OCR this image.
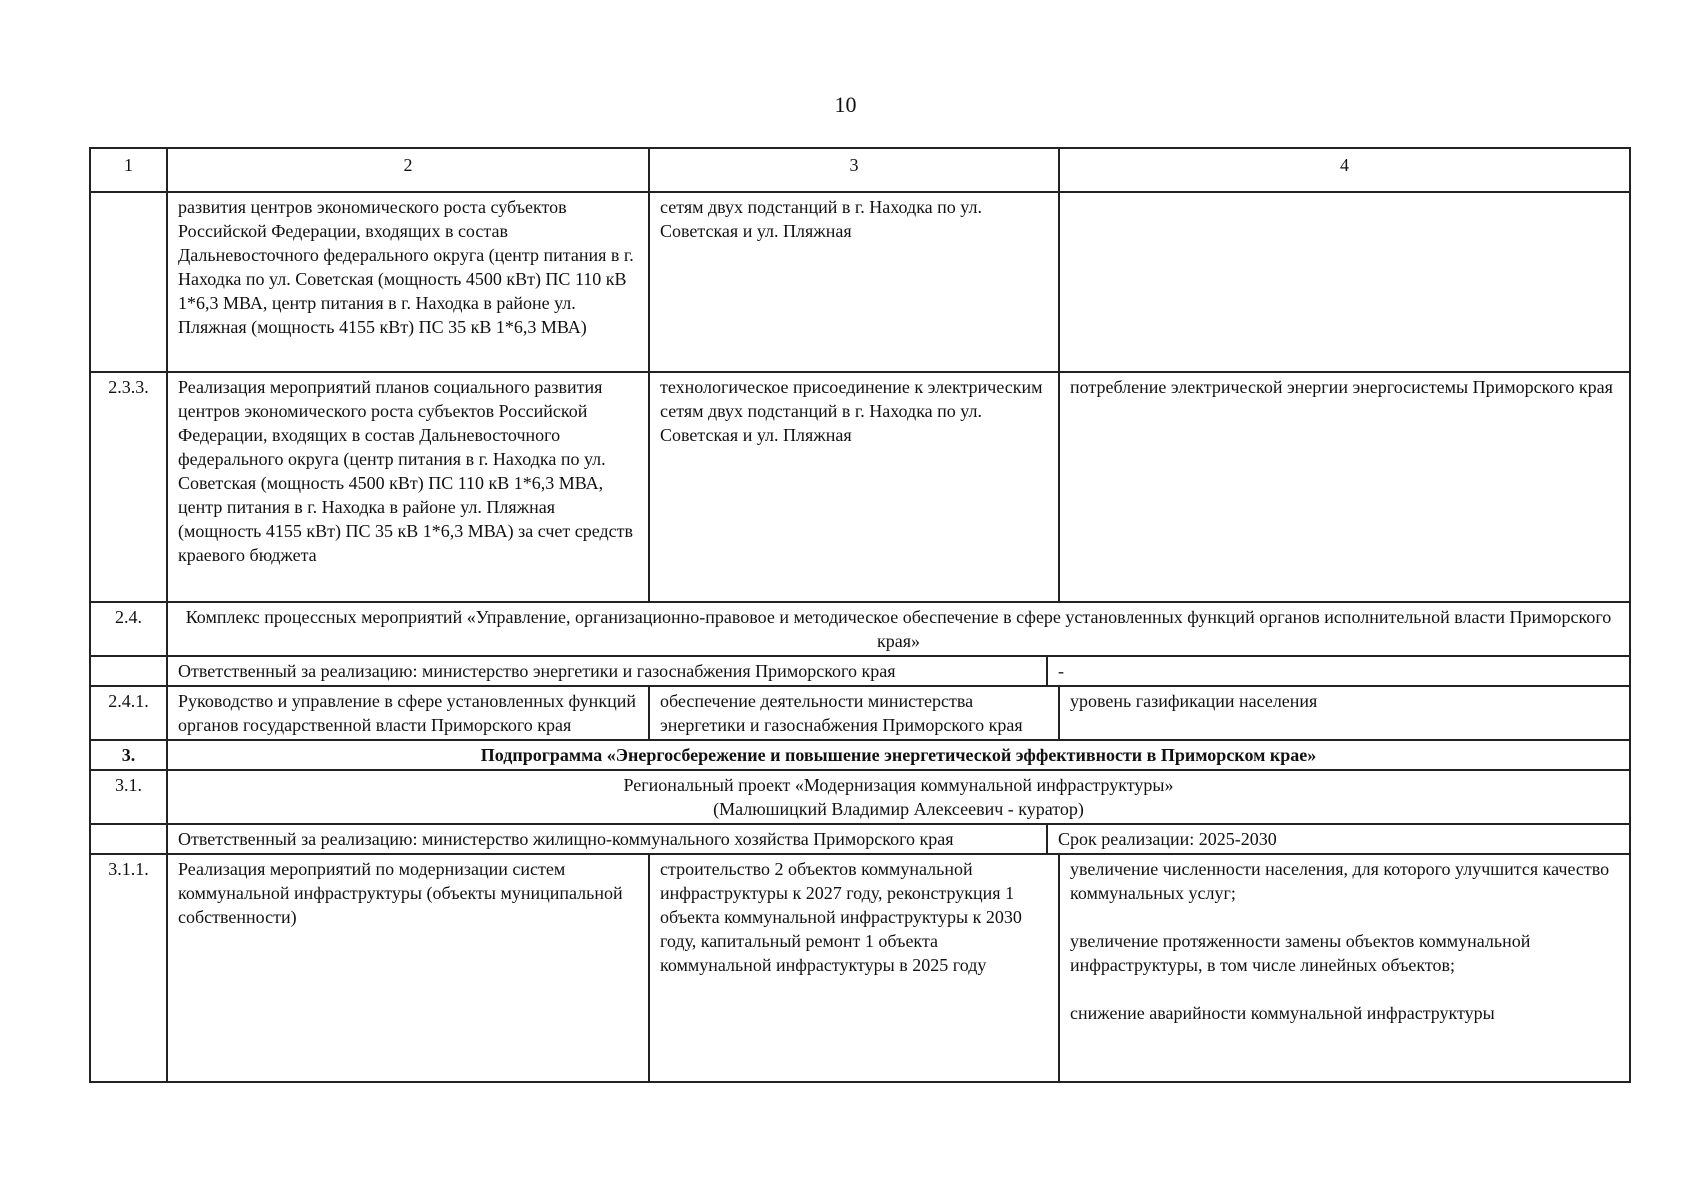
10
1	2	3		4
	развития центров экономического роста субъектов Российской Федерации, входящих в состав Дальневосточного федерального округа (центр питания в г. Находка по ул. Советская (мощность 4500 кВт) ПС 110 кВ 1*6,3 МВА, центр питания в г. Находка в районе ул. Пляжная (мощность 4155 кВт) ПС 35 кВ 1*6,3 МВА)	сетям двух подстанций в г. Находка по ул. Советская и ул. Пляжная		
2.3.3.	Реализация мероприятий планов социального развития центров экономического роста субъектов Российской Федерации, входящих в состав Дальневосточного федерального округа (центр питания в г. Находка по ул. Советская (мощность 4500 кВт) ПС 110 кВ 1*6,3 МВА, центр питания в г. Находка в районе ул. Пляжная (мощность 4155 кВт) ПС 35 кВ 1*6,3 МВА) за счет средств краевого бюджета	технологическое присоединение к электрическим сетям двух подстанций в г. Находка по ул. Советская и ул. Пляжная		потребление электрической энергии энергосистемы Приморского края
2.4.	Комплекс процессных мероприятий «Управление, организационно-правовое и методическое обеспечение в сфере установленных функций органов исполнительной власти Приморского края»			
	Ответственный за реализацию: министерство энергетики и газоснабжения Приморского края		-	
2.4.1.	Руководство и управление в сфере установленных функций органов государственной власти Приморского края	обеспечение деятельности министерства энергетики и газоснабжения Приморского края		уровень газификации населения
3.	Подпрограмма «Энергосбережение и повышение энергетической эффективности в Приморском крае»			
3.1.	Региональный проект «Модернизация коммунальной инфраструктуры»
(Малюшицкий Владимир Алексеевич - куратор)			
	Ответственный за реализацию: министерство жилищно-коммунального хозяйства Приморского края		Срок реализации: 2025-2030	
3.1.1.	Реализация мероприятий по модернизации систем коммунальной инфраструктуры (объекты муниципальной собственности)	строительство 2 объектов коммунальной инфраструктуры к 2027 году, реконструкция 1 объекта коммунальной инфраструктуры к 2030 году, капитальный ремонт 1 объекта коммунальной инфрастуктуры в 2025 году		увеличение численности населения, для которого улучшится качество коммунальных услуг;

увеличение протяженности замены объектов коммунальной инфраструктуры, в том числе линейных объектов;

снижение аварийности коммунальной инфраструктуры
